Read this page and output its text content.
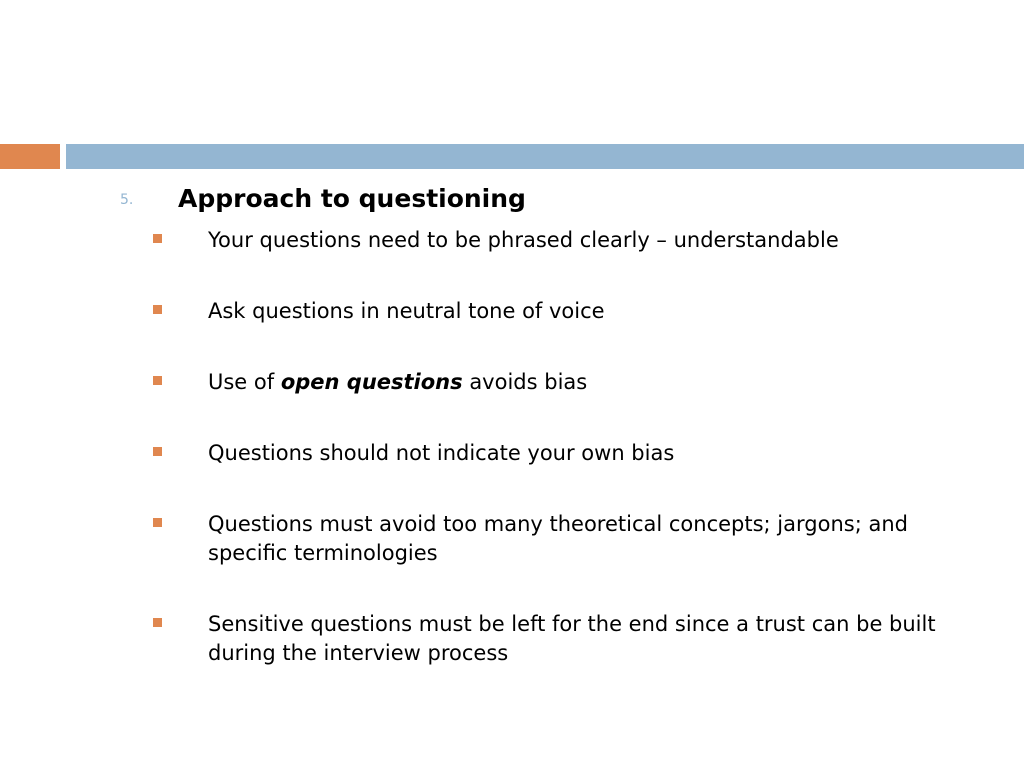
5. Approach to questioning
Your questions need to be phrased clearly – understandable
Ask questions in neutral tone of voice
Use of open questions avoids bias
Questions should not indicate your own bias
Questions must avoid too many theoretical concepts; jargons; and specific terminologies
Sensitive questions must be left for the end since a trust can be built during the interview process
